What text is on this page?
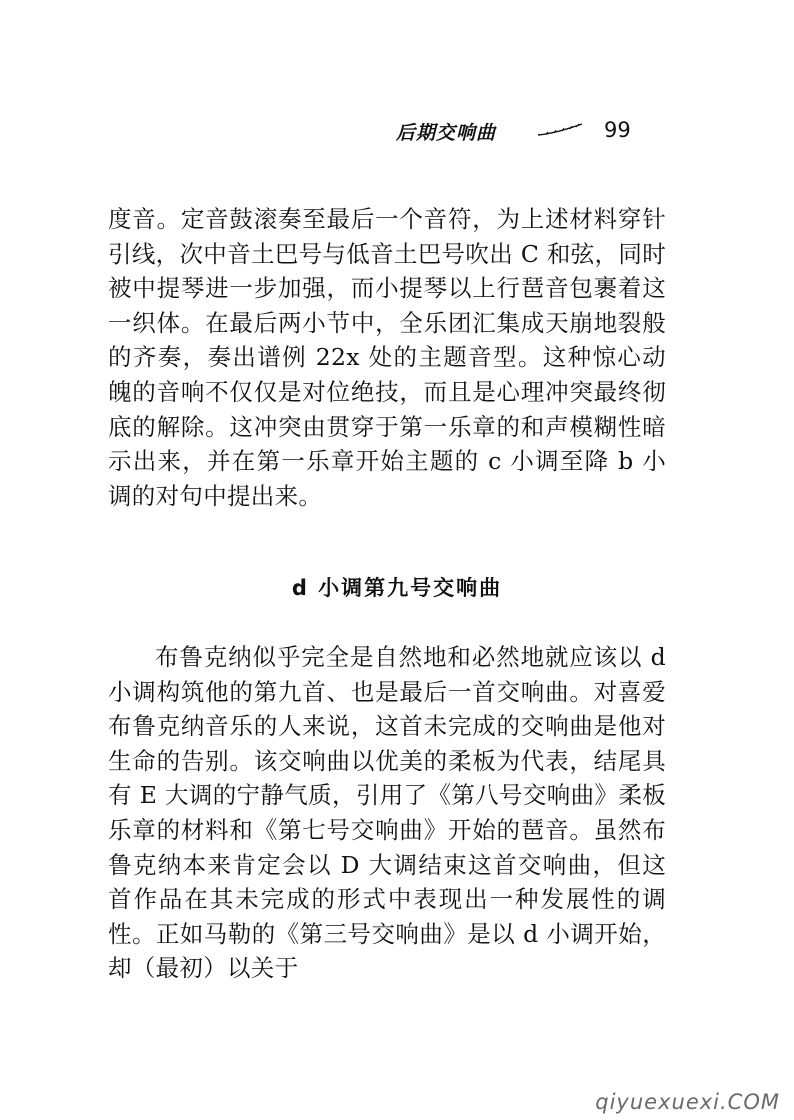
后期交响曲	99

度音。定音鼓滚奏至最后一个音符，为上述材料穿针引线，次中音土巴号与低音土巴号吹出 C 和弦，同时被中提琴进一步加强，而小提琴以上行琶音包裹着这一织体。在最后两小节中，全乐团汇集成天崩地裂般的齐奏，奏出谱例 22x 处的主题音型。这种惊心动魄的音响不仅仅是对位绝技，而且是心理冲突最终彻底的解除。这冲突由贯穿于第一乐章的和声模糊性暗示出来，并在第一乐章开始主题的 c 小调至降 b 小调的对句中提出来。

d 小调第九号交响曲

布鲁克纳似乎完全是自然地和必然地就应该以 d 小调构筑他的第九首、也是最后一首交响曲。对喜爱布鲁克纳音乐的人来说，这首未完成的交响曲是他对生命的告别。该交响曲以优美的柔板为代表，结尾具有 E 大调的宁静气质，引用了《第八号交响曲》柔板乐章的材料和《第七号交响曲》开始的琶音。虽然布鲁克纳本来肯定会以 D 大调结束这首交响曲，但这首作品在其未完成的形式中表现出一种发展性的调性。正如马勒的《第三号交响曲》是以 d 小调开始，却（最初）以关于

qiyuexuexi.COM
